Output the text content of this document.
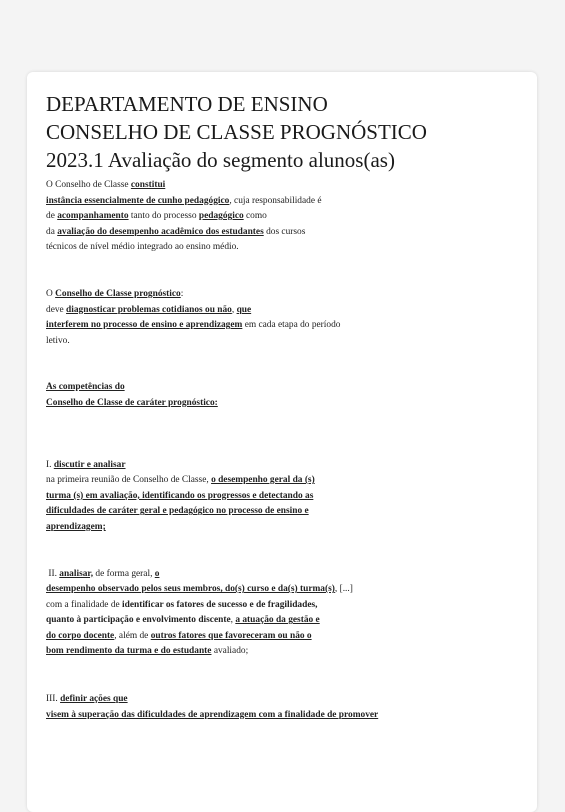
DEPARTAMENTO DE ENSINO
CONSELHO DE CLASSE PROGNÓSTICO
2023.1 Avaliação do segmento alunos(as)

O Conselho de Classe constitui
instância essencialmente de cunho pedagógico, cuja responsabilidade é
de acompanhamento tanto do processo pedagógico como
da avaliação do desempenho acadêmico dos estudantes dos cursos
técnicos de nível médio integrado ao ensino médio.

O Conselho de Classe prognóstico:
deve diagnosticar problemas cotidianos ou não, que
interferem no processo de ensino e aprendizagem em cada etapa do período
letivo.

As competências do
Conselho de Classe de caráter prognóstico:

I. discutir e analisar
na primeira reunião de Conselho de Classe, o desempenho geral da (s)
turma (s) em avaliação, identificando os progressos e detectando as
dificuldades de caráter geral e pedagógico no processo de ensino e
aprendizagem;

II. analisar, de forma geral, o
desempenho observado pelos seus membros, do(s) curso e da(s) turma(s), [...]
com a finalidade de identificar os fatores de sucesso e de fragilidades,
quanto à participação e envolvimento discente, a atuação da gestão e
do corpo docente, além de outros fatores que favoreceram ou não o
bom rendimento da turma e do estudante avaliado;

III. definir ações que
visem à superação das dificuldades de aprendizagem com a finalidade de promover
